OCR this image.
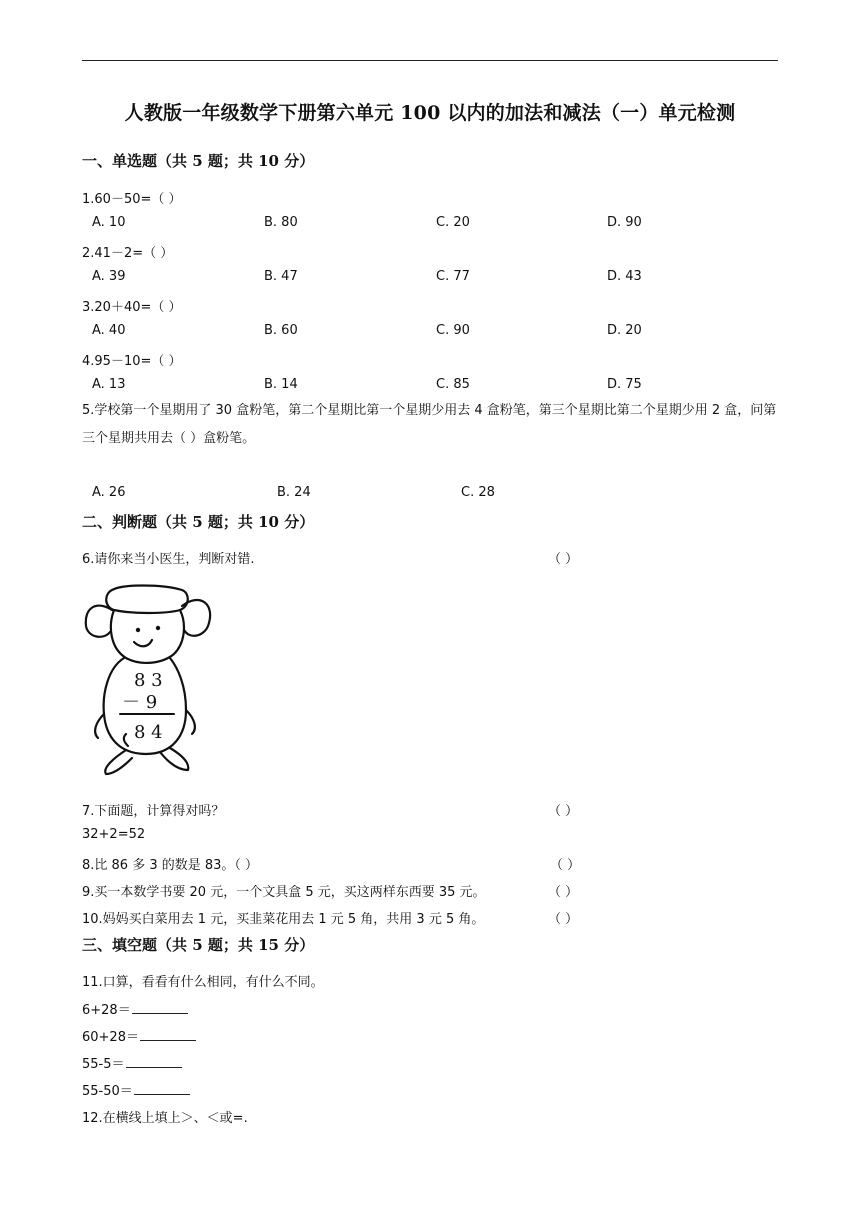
人教版一年级数学下册第六单元 100 以内的加法和减法（一）单元检测
一、单选题（共 5 题；共 10 分）
1.60－50=（ ）
A. 10	B. 80	C. 20	D. 90
2.41－2=（ ）
A. 39	B. 47	C. 77	D. 43
3.20＋40=（ ）
A. 40	B. 60	C. 90	D. 20
4.95－10=（ ）
A. 13	B. 14	C. 85	D. 75
5.学校第一个星期用了 30 盒粉笔，第二个星期比第一个星期少用去 4 盒粉笔，第三个星期比第二个星期少用 2 盒，问第三个星期共用去（ ）盒粉笔。
A. 26	B. 24	C. 28
二、判断题（共 5 题；共 10 分）
6.请你来当小医生，判断对错.	（ ）
8 3
－ 9
8 4
7.下面题，计算得对吗？	（ ）
32+2=52
8.比 86 多 3 的数是 83。（ ）	（ ）
9.买一本数学书要 20 元，一个文具盒 5 元，买这两样东西要 35 元。	（ ）
10.妈妈买白菜用去 1 元，买韭菜花用去 1 元 5 角，共用 3 元 5 角。	（ ）
三、填空题（共 5 题；共 15 分）
11.口算，看看有什么相同，有什么不同。
6+28＝
60+28＝
55-5＝
55-50＝
12.在横线上填上＞、＜或=.
